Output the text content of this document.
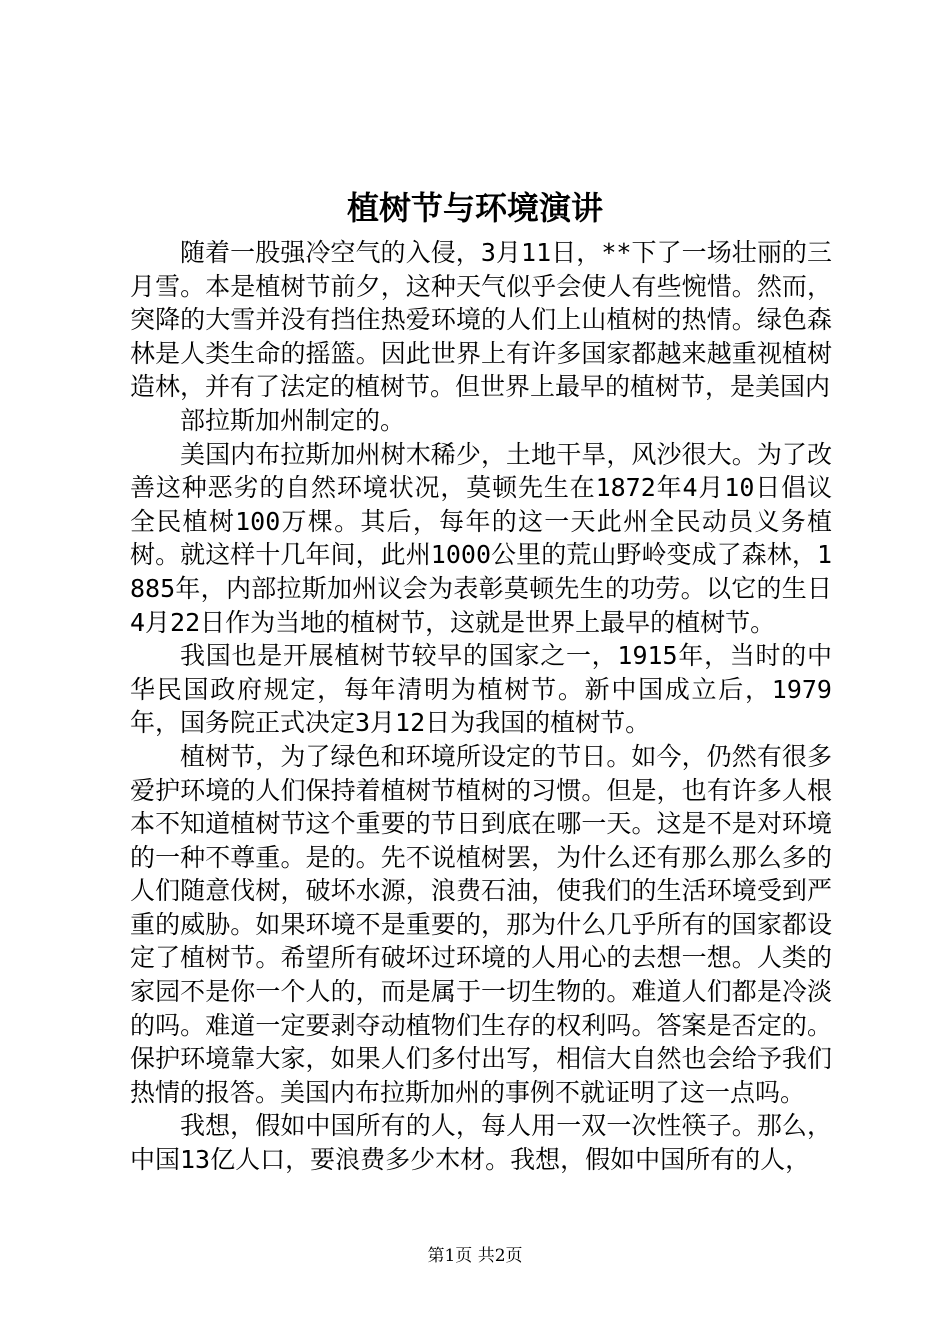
植树节与环境演讲

随着一股强冷空气的入侵，3月11日，**下了一场壮丽的三月雪。本是植树节前夕，这种天气似乎会使人有些惋惜。然而，突降的大雪并没有挡住热爱环境的人们上山植树的热情。绿色森林是人类生命的摇篮。因此世界上有许多国家都越来越重视植树造林，并有了法定的植树节。但世界上最早的植树节，是美国内

部拉斯加州制定的。

美国内布拉斯加州树木稀少，土地干旱，风沙很大。为了改善这种恶劣的自然环境状况，莫顿先生在1872年4月10日倡议全民植树100万棵。其后，每年的这一天此州全民动员义务植树。就这样十几年间，此州1000公里的荒山野岭变成了森林，1885年，内部拉斯加州议会为表彰莫顿先生的功劳。以它的生日4月22日作为当地的植树节，这就是世界上最早的植树节。

我国也是开展植树节较早的国家之一，1915年，当时的中华民国政府规定，每年清明为植树节。新中国成立后，1979年，国务院正式决定3月12日为我国的植树节。

植树节，为了绿色和环境所设定的节日。如今，仍然有很多爱护环境的人们保持着植树节植树的习惯。但是，也有许多人根本不知道植树节这个重要的节日到底在哪一天。这是不是对环境的一种不尊重。是的。先不说植树罢，为什么还有那么那么多的人们随意伐树，破坏水源，浪费石油，使我们的生活环境受到严重的威胁。如果环境不是重要的，那为什么几乎所有的国家都设定了植树节。希望所有破坏过环境的人用心的去想一想。人类的家园不是你一个人的，而是属于一切生物的。难道人们都是冷淡的吗。难道一定要剥夺动植物们生存的权利吗。答案是否定的。保护环境靠大家，如果人们多付出写，相信大自然也会给予我们热情的报答。美国内布拉斯加州的事例不就证明了这一点吗。

我想，假如中国所有的人，每人用一双一次性筷子。那么，中国13亿人口，要浪费多少木材。我想，假如中国所有的人，

第1页 共2页
